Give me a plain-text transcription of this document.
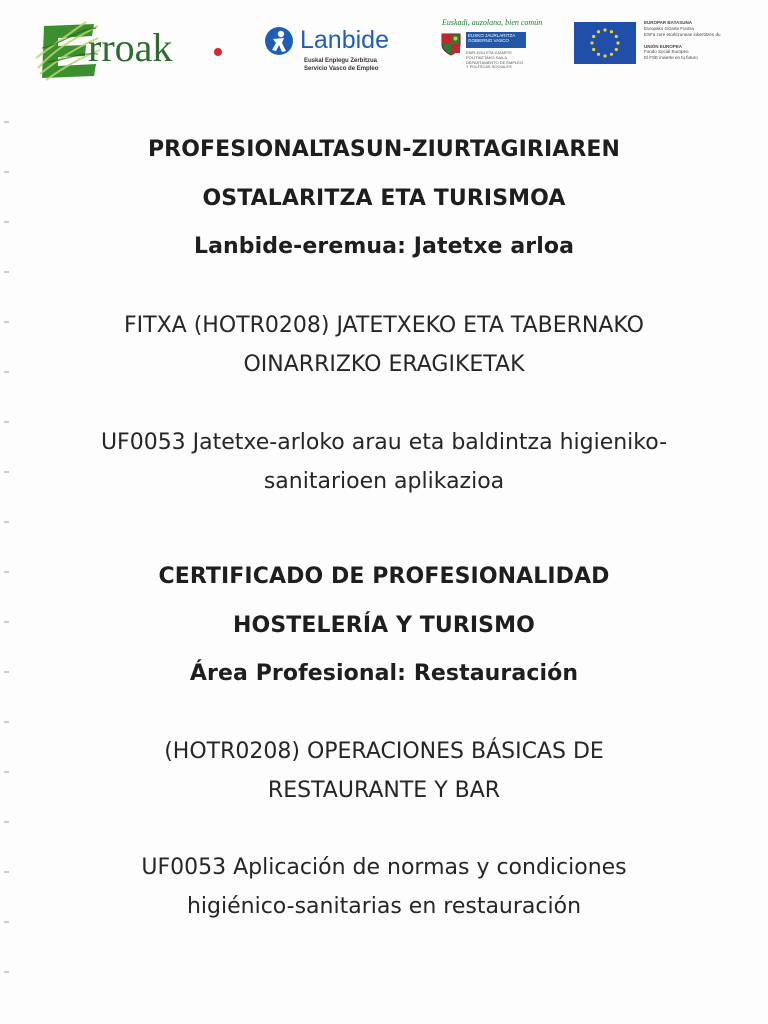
rroak	Lanbide
Euskal Enplegu Zerbitzua
Servicio Vasco de Empleo
Euskadi, auzolana, bien común
EUSKO JAURLARITZA
GOBIERNO VASCO
ENPLEGU ETA GIZARTE
POLITIKETAKO SAILA
DEPARTAMENTO DE EMPLEO
Y POLÍTICAS SOCIALES
EUROPAR BATASUNA
Europako Gizarte Funtsa
ESFa zure etorkizunean inbertitzen du
UNIÓN EUROPEA
Fondo Social Europeo
El FSE invierte en tu futuro
PROFESIONALTASUN-ZIURTAGIRIAREN
OSTALARITZA ETA TURISMOA
Lanbide-eremua: Jatetxe arloa
FITXA (HOTR0208) JATETXEKO ETA TABERNAKO
OINARRIZKO ERAGIKETAK
UF0053 Jatetxe-arloko arau eta baldintza higieniko-
sanitarioen aplikazioa
CERTIFICADO DE PROFESIONALIDAD
HOSTELERÍA Y TURISMO
Área Profesional: Restauración
(HOTR0208) OPERACIONES BÁSICAS DE
RESTAURANTE Y BAR
UF0053 Aplicación de normas y condiciones
higiénico-sanitarias en restauración
